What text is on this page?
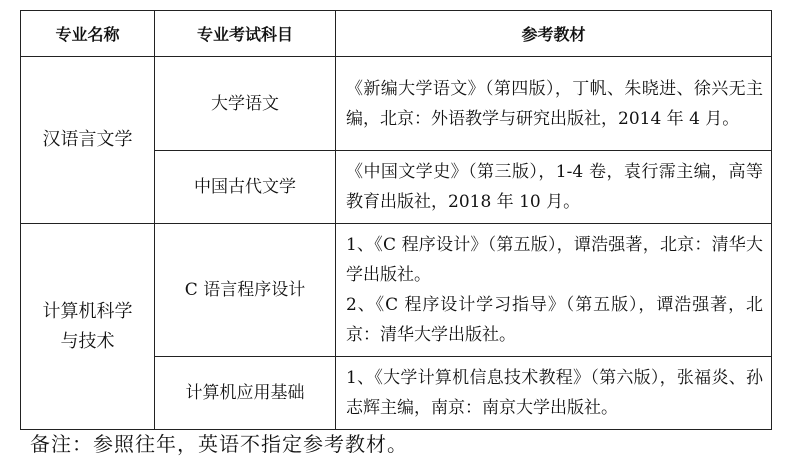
专业名称	专业考试科目	参考教材
汉语言文学	大学语文	《新编大学语文》（第四版），丁帆、朱晓进、徐兴无主编，北京：外语教学与研究出版社，2014 年 4 月。

	中国古代文学	《中国文学史》（第三版），1-4 卷，袁行霈主编，高等教育出版社，2018 年 10 月。

计算机科学与技术	C 语言程序设计	1、《C 程序设计》（第五版），谭浩强著，北京：清华大学出版社。
2、《C 程序设计学习指导》（第五版），谭浩强著，北京：清华大学出版社。

	计算机应用基础	1、《大学计算机信息技术教程》（第六版），张福炎、孙志辉主编，南京：南京大学出版社。
备注：参照往年，英语不指定参考教材。
